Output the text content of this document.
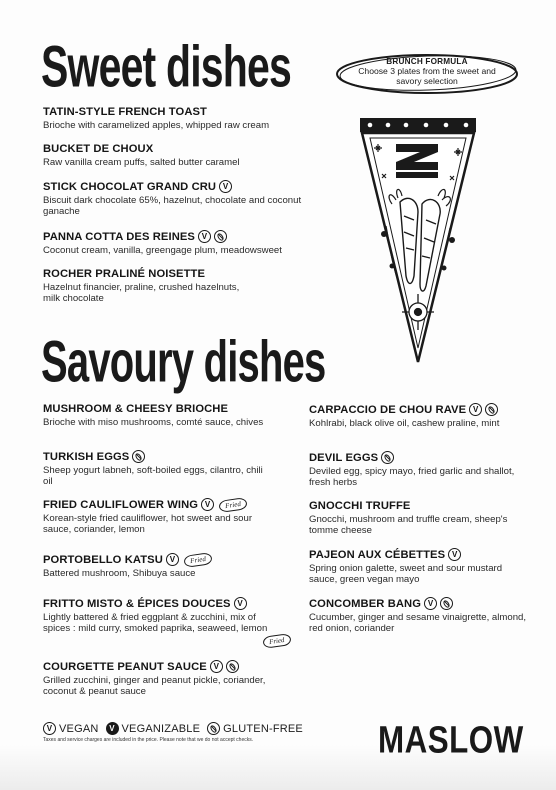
Sweet dishes
TATIN-STYLE FRENCH TOAST
Brioche with caramelized apples, whipped raw cream
BUCKET DE CHOUX
Raw vanilla cream puffs, salted butter caramel
STICK CHOCOLAT GRAND CRU
V
Biscuit dark chocolate 65%, hazelnut, chocolate and coconut ganache
PANNA COTTA DES REINES
V
Coconut cream, vanilla, greengage plum, meadowsweet
ROCHER PRALINÉ NOISETTE
Hazelnut financier, praline, crushed hazelnuts, milk chocolate
BRUNCH FORMULA
Choose 3 plates from the sweet and savory selection
Savoury dishes
MUSHROOM & CHEESY BRIOCHE
Brioche with miso mushrooms, comté sauce, chives
TURKISH EGGS
Sheep yogurt labneh, soft-boiled eggs, cilantro, chili oil
FRIED CAULIFLOWER WING V	Fried
Korean-style fried cauliflower, hot sweet and sour sauce, coriander, lemon
PORTOBELLO KATSU V	Fried
Battered mushroom, Shibuya sauce
FRITTO MISTO & ÉPICES DOUCES
V
Lightly battered & fried eggplant & zucchini, mix of spices : mild curry, smoked paprika, seaweed, lemon
Fried
COURGETTE PEANUT SAUCE
V
Grilled zucchini, ginger and peanut pickle, coriander, coconut & peanut sauce
CARPACCIO DE CHOU RAVE
V
Kohlrabi, black olive oil, cashew praline, mint
DEVIL EGGS
Deviled egg, spicy mayo, fried garlic and shallot, fresh herbs
GNOCCHI TRUFFE
Gnocchi, mushroom and truffle cream, sheep's tomme cheese
PAJEON AUX CÉBETTES
V
Spring onion galette, sweet and sour mustard sauce, green vegan mayo
CONCOMBER BANG
V
Cucumber, ginger and sesame vinaigrette, almond, red onion, coriander
V
VEGAN V VEGANIZABLE GLUTEN-FREE
Taxes and service charges are included in the price. Please note that we do not accept checks.	MASLOW
